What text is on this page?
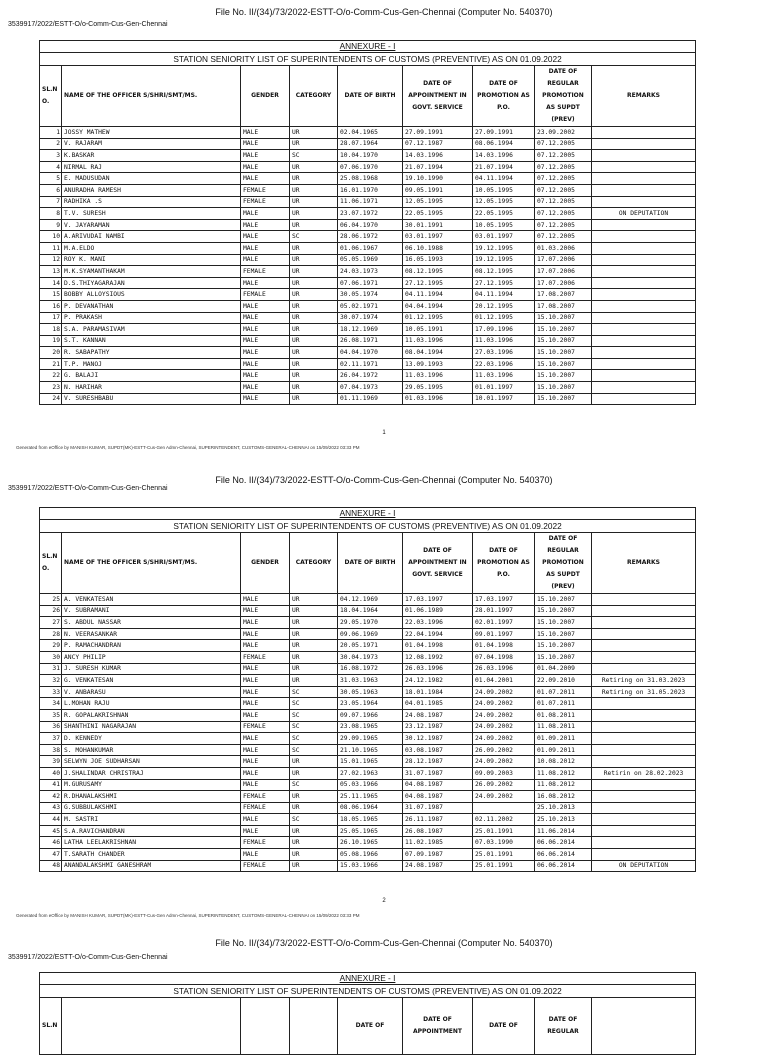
File No. II/(34)/73/2022-ESTT-O/o-Comm-Cus-Gen-Chennai (Computer No. 540370)
3539917/2022/ESTT-O/o-Comm-Cus-Gen-Chennai
ANNEXURE - I								
STATION SENIORITY LIST OF SUPERINTENDENTS OF CUSTOMS (PREVENTIVE) AS ON 01.09.2022								
SL.N O.	NAME OF THE OFFICER S/SHRI/SMT/MS.	GENDER	CATEGORY	DATE OF BIRTH	DATE OF APPOINTMENT IN GOVT. SERVICE	DATE OF PROMOTION AS P.O.	DATE OF REGULAR PROMOTION AS SUPDT (PREV)	REMARKS
1	JOSSY MATHEW	MALE	UR	02.04.1965	27.09.1991	27.09.1991	23.09.2002	
2	V. RAJARAM	MALE	UR	28.07.1964	07.12.1987	08.06.1994	07.12.2005	
3	K.BASKAR	MALE	SC	10.04.1970	14.03.1996	14.03.1996	07.12.2005	
4	NIRMAL RAJ	MALE	UR	07.06.1970	21.07.1994	21.07.1994	07.12.2005	
5	E. MADUSUDAN	MALE	UR	25.08.1968	19.10.1990	04.11.1994	07.12.2005	
6	ANURADHA RAMESH	FEMALE	UR	16.01.1970	09.05.1991	10.05.1995	07.12.2005	
7	RADHIKA .S	FEMALE	UR	11.06.1971	12.05.1995	12.05.1995	07.12.2005	
8	T.V. SURESH	MALE	UR	23.07.1972	22.05.1995	22.05.1995	07.12.2005	ON DEPUTATION
9	V. JAYARAMAN	MALE	UR	06.04.1970	30.01.1991	10.05.1995	07.12.2005	
10	A.ARIVUDAI NAMBI	MALE	SC	28.06.1972	03.01.1997	03.01.1997	07.12.2005	
11	M.A.ELDO	MALE	UR	01.06.1967	06.10.1988	19.12.1995	01.03.2006	
12	ROY K. MANI	MALE	UR	05.05.1969	16.05.1993	19.12.1995	17.07.2006	
13	M.K.SYAMANTHAKAM	FEMALE	UR	24.03.1973	08.12.1995	08.12.1995	17.07.2006	
14	D.S.THIYAGARAJAN	MALE	UR	07.06.1971	27.12.1995	27.12.1995	17.07.2006	
15	BOBBY ALLOYSIOUS	FEMALE	UR	30.05.1974	04.11.1994	04.11.1994	17.08.2007	
16	P. DEVANATHAN	MALE	UR	05.02.1971	04.04.1994	20.12.1995	17.08.2007	
17	P. PRAKASH	MALE	UR	30.07.1974	01.12.1995	01.12.1995	15.10.2007	
18	S.A. PARAMASIVAM	MALE	UR	18.12.1969	10.05.1991	17.09.1996	15.10.2007	
19	S.T. KANNAN	MALE	UR	26.08.1971	11.03.1996	11.03.1996	15.10.2007	
20	R. SABAPATHY	MALE	UR	04.04.1970	08.04.1994	27.03.1996	15.10.2007	
21	T.P. MANOJ	MALE	UR	02.11.1971	13.09.1993	22.03.1996	15.10.2007	
22	G. BALAJI	MALE	UR	26.04.1972	11.03.1996	11.03.1996	15.10.2007	
23	N. HARIHAR	MALE	UR	07.04.1973	29.05.1995	01.01.1997	15.10.2007	
24	V. SURESHBABU	MALE	UR	01.11.1969	01.03.1996	10.01.1997	15.10.2007	
1
Generated from eOffice by MANISH KUMAR, SUPDT(MK)-ESTT-Cus-Gen Admn-Chennai, SUPERINTENDENT, CUSTOMS-GENERAL-CHENNAI on 15/09/2022 03:33 PM
File No. II/(34)/73/2022-ESTT-O/o-Comm-Cus-Gen-Chennai (Computer No. 540370)
3539917/2022/ESTT-O/o-Comm-Cus-Gen-Chennai
ANNEXURE - I								
STATION SENIORITY LIST OF SUPERINTENDENTS OF CUSTOMS (PREVENTIVE) AS ON 01.09.2022								
SL.N O.	NAME OF THE OFFICER S/SHRI/SMT/MS.	GENDER	CATEGORY	DATE OF BIRTH	DATE OF APPOINTMENT IN GOVT. SERVICE	DATE OF PROMOTION AS P.O.	DATE OF REGULAR PROMOTION AS SUPDT (PREV)	REMARKS
25	A. VENKATESAN	MALE	UR	04.12.1969	17.03.1997	17.03.1997	15.10.2007	
26	V. SUBRAMANI	MALE	UR	18.04.1964	01.06.1989	28.01.1997	15.10.2007	
27	S. ABDUL NASSAR	MALE	UR	29.05.1970	22.03.1996	02.01.1997	15.10.2007	
28	N. VEERASANKAR	MALE	UR	09.06.1969	22.04.1994	09.01.1997	15.10.2007	
29	P. RAMACHANDRAN	MALE	UR	20.05.1971	01.04.1998	01.04.1998	15.10.2007	
30	ANCY PHILIP	FEMALE	UR	30.04.1973	12.08.1992	07.04.1998	15.10.2007	
31	J. SURESH KUMAR	MALE	UR	16.08.1972	26.03.1996	26.03.1996	01.04.2009	
32	G. VENKATESAN	MALE	UR	31.03.1963	24.12.1982	01.04.2001	22.09.2010	Retiring on 31.03.2023
33	V. ANBARASU	MALE	SC	30.05.1963	18.01.1984	24.09.2002	01.07.2011	Retiring on 31.05.2023
34	L.MOHAN RAJU	MALE	SC	23.05.1964	04.01.1985	24.09.2002	01.07.2011	
35	R. GOPALAKRISHNAN	MALE	SC	09.07.1966	24.08.1987	24.09.2002	01.08.2011	
36	SHANTHINI NAGARAJAN	FEMALE	SC	23.08.1965	23.12.1987	24.09.2002	11.08.2011	
37	D. KENNEDY	MALE	SC	29.09.1965	30.12.1987	24.09.2002	01.09.2011	
38	S. MOHANKUMAR	MALE	SC	21.10.1965	03.08.1987	26.09.2002	01.09.2011	
39	SELWYN JOE SUDHARSAN	MALE	UR	15.01.1965	28.12.1987	24.09.2002	10.08.2012	
40	J.SHALINDAR CHRISTRAJ	MALE	UR	27.02.1963	31.07.1987	09.09.2003	11.08.2012	Retirin on 28.02.2023
41	M.GURUSAMY	MALE	SC	05.03.1966	04.08.1987	26.09.2002	11.08.2012	
42	R.DHANALAKSHMI	FEMALE	UR	25.11.1965	04.08.1987	24.09.2002	16.08.2012	
43	G.SUBBULAKSHMI	FEMALE	UR	08.06.1964	31.07.1987		25.10.2013	
44	M. SASTRI	MALE	SC	18.05.1965	26.11.1987	02.11.2002	25.10.2013	
45	S.A.RAVICHANDRAN	MALE	UR	25.05.1965	26.08.1987	25.01.1991	11.06.2014	
46	LATHA LEELAKRISHNAN	FEMALE	UR	26.10.1965	11.02.1985	07.03.1990	06.06.2014	
47	T.SARATH CHANDER	MALE	UR	05.08.1966	07.09.1987	25.01.1991	06.06.2014	
48	ANANDALAKSHMI GANESHRAM	FEMALE	UR	15.03.1966	24.08.1987	25.01.1991	06.06.2014	ON DEPUTATION
2
Generated from eOffice by MANISH KUMAR, SUPDT(MK)-ESTT-Cus-Gen Admn-Chennai, SUPERINTENDENT, CUSTOMS-GENERAL-CHENNAI on 15/09/2022 03:33 PM
File No. II/(34)/73/2022-ESTT-O/o-Comm-Cus-Gen-Chennai (Computer No. 540370)
3539917/2022/ESTT-O/o-Comm-Cus-Gen-Chennai
ANNEXURE - I
STATION SENIORITY LIST OF SUPERINTENDENTS OF CUSTOMS (PREVENTIVE) AS ON 01.09.2022
SL.N				DATE OF	DATE OF APPOINTMENT	DATE OF	DATE OF REGULAR	
